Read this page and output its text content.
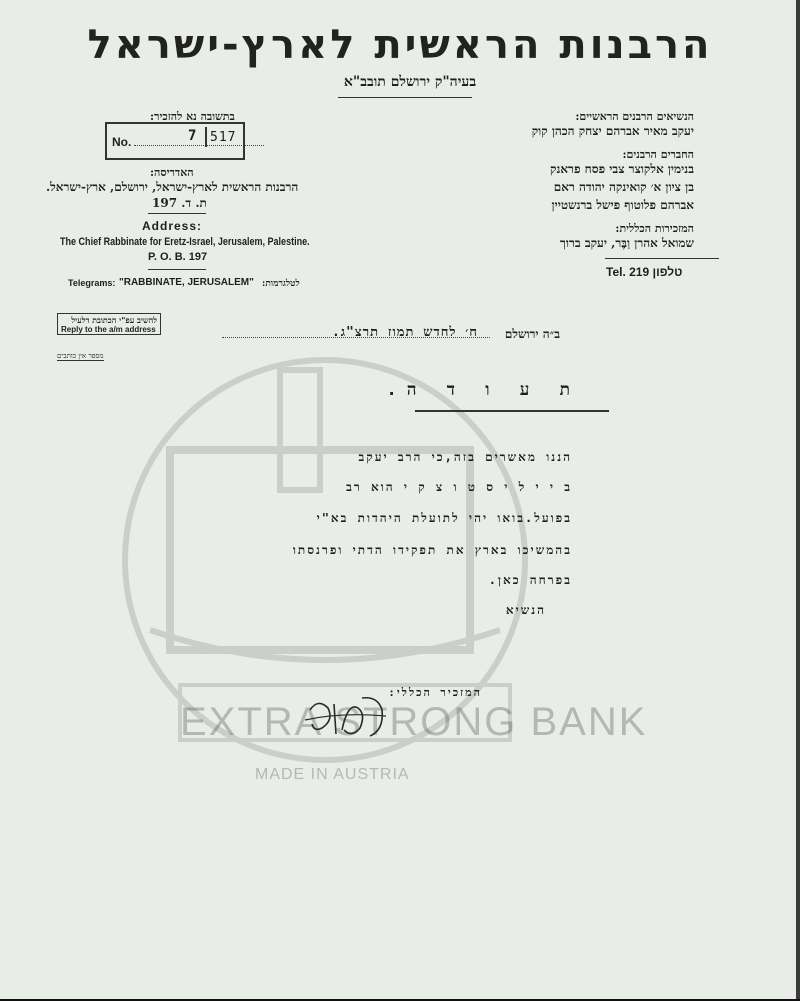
EXTRA STRONG BANK
MADE IN AUSTRIA
הרבנות הראשית לארץ-ישראל
בעיה"ק ירושלם תובב"א
הנשיאים הרבנים הראשיים:
יעקב מאיר אברהם יצחק הכהן קוק
החברים הרבנים:
בנימין אלקוצר צבי פסח פראנק
בן ציון א׳ קואינקה יהודה ראם
אברהם פלוטוף פישל ברנשטיין
המזכירות הכללית:
שמואל אהרן וַבֶּר, יעקב ברוך
Tel. 219 טלפון
בתשובה נא להזכיר:
No.	7 517
האדריסה:
הרבנות הראשית לארץ-ישראל, ירושלם, ארץ-ישראל.
ת. ד. 197
Address:
The Chief Rabbinate for Eretz-Israel, Jerusalem, Palestine.
P. O. B. 197
Telegrams: "RABBINATE, JERUSALEM" לטלגרמות:
להשיב עפ"י הכתובת דלעיל
Reply to the a/m address
מספר אין כותבים
ב״ה ירושלם
ח׳ לחדש תמוז תרצ"ג.
ת ע ו ד ה.
הננו מאשרים בזה,כי הרב יעקב
ב י י ל י ס ט ו צ ק י הוא רב
בפועל.בואו יהי לתועלת היהדות בא"י
בהמשיכו בארץ את תפקידו הדתי ופרנסתו
בפרחה כאן.
הנשיא
המזכיר הכללי:
